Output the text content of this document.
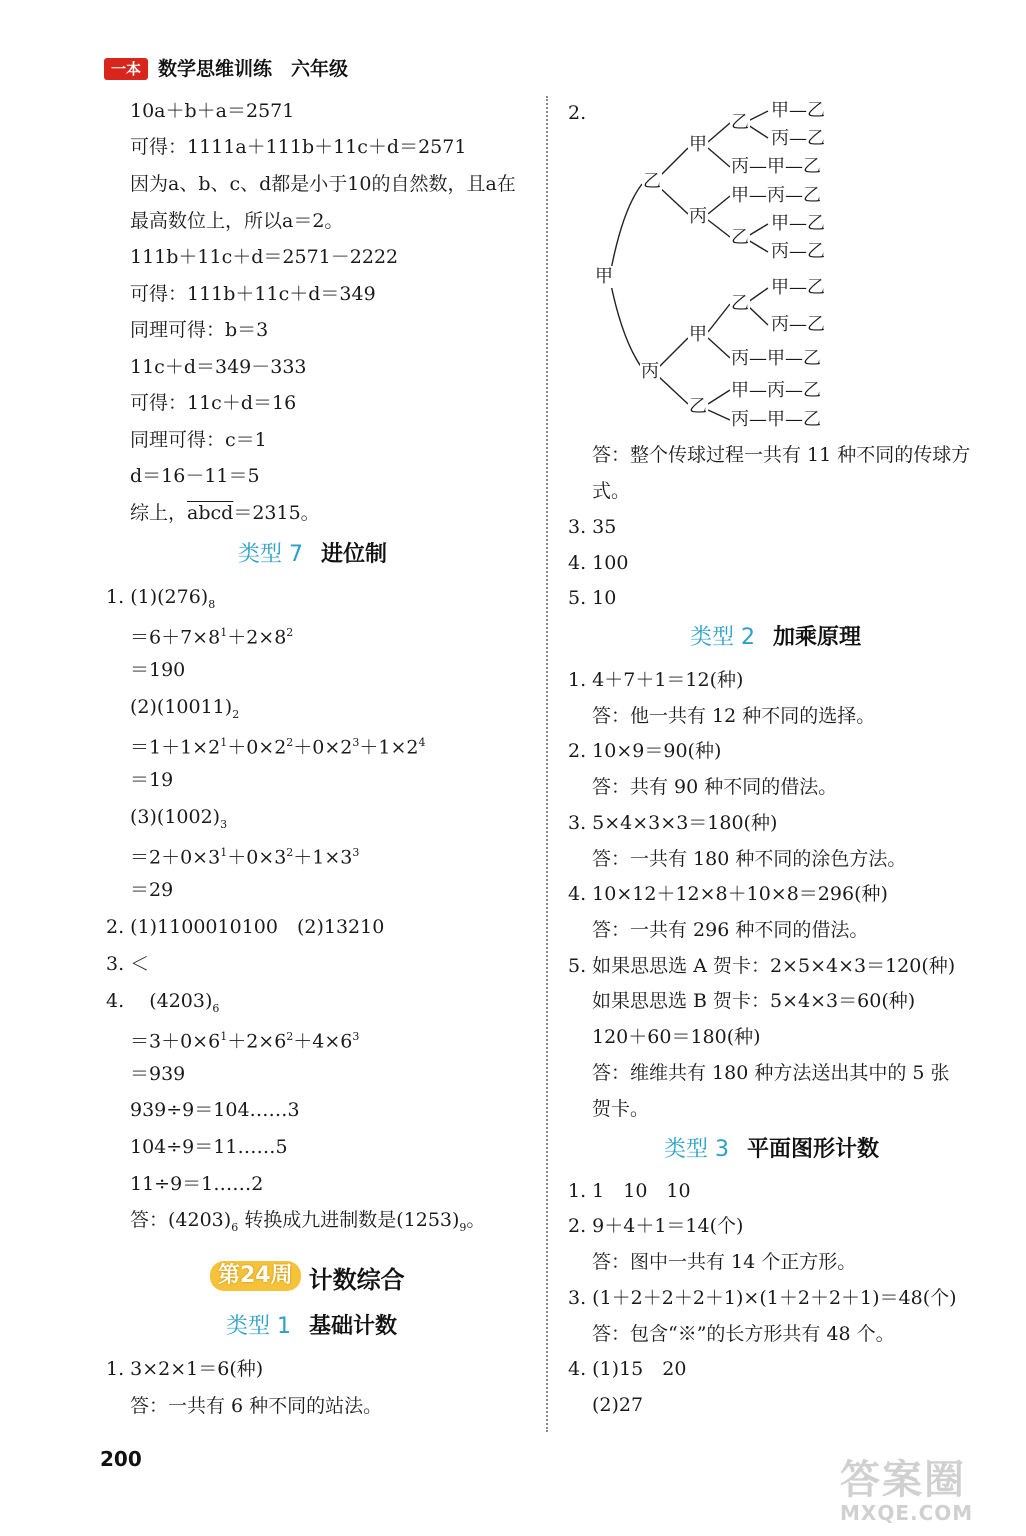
一本 数学思维训练　六年级
10a＋b＋a＝2571
可得：1111a＋111b＋11c＋d＝2571
因为a、b、c、d都是小于10的自然数，且a在
最高数位上，所以a＝2。
111b＋11c＋d＝2571－2222
可得：111b＋11c＋d＝349
同理可得：b＝3
11c＋d＝349－333
可得：11c＋d＝16
同理可得：c＝1
d＝16－11＝5
综上，abcd＝2315。
类型 7 进位制
1. $(1)(276)_8$
$=6+7\times 8^1+2\times 8^2$
＝190
$(2)(10011)_2$
$=1+1\times 2^1+0\times 2^2+0\times 2^3+1\times 2^4$
＝19
$(3)(1002)_3$
$=2+0\times 3^1+0\times 3^2+1\times 3^3$
＝29
2. (1)1100010100　(2)13210
3. ＜
4.　 $(4203)_6$
$=3+0\times 6^1+2\times 6^2+4\times 6^3$
＝939
939÷9＝104……3
104÷9＝11……5
11÷9＝1……2
答：$(4203)_6$ 转换成九进制数是$(1253)_9$。
第24周 计数综合
类型 1 基础计数
1. 3×2×1＝6(种)
答：一共有 6 种不同的站法。
2.
甲
乙
丙
甲
丙
甲
乙
乙
乙
乙
甲—乙
丙—乙
丙—甲—乙
甲—丙—乙
甲—乙
丙—乙
甲—乙
丙—乙
丙—甲—乙
甲—丙—乙
丙—甲—乙
答：整个传球过程一共有 11 种不同的传球方
式。
3. 35
4. 100
5. 10
类型 2 加乘原理
1. 4＋7＋1＝12(种)
答：他一共有 12 种不同的选择。
2. 10×9＝90(种)
答：共有 90 种不同的借法。
3. 5×4×3×3＝180(种)
答：一共有 180 种不同的涂色方法。
4. 10×12＋12×8＋10×8＝296(种)
答：一共有 296 种不同的借法。
5. 如果思思选 A 贺卡：2×5×4×3＝120(种)
如果思思选 B 贺卡：5×4×3＝60(种)
120＋60＝180(种)
答：维维共有 180 种方法送出其中的 5 张
贺卡。
类型 3 平面图形计数
1. 1　10　10
2. 9＋4＋1＝14(个)
答：图中一共有 14 个正方形。
3. (1＋2＋2＋2＋1)×(1＋2＋2＋1)＝48(个)
答：包含“※”的长方形共有 48 个。
4. (1)15　20
(2)27
200	答案圈
MXQE.COM
